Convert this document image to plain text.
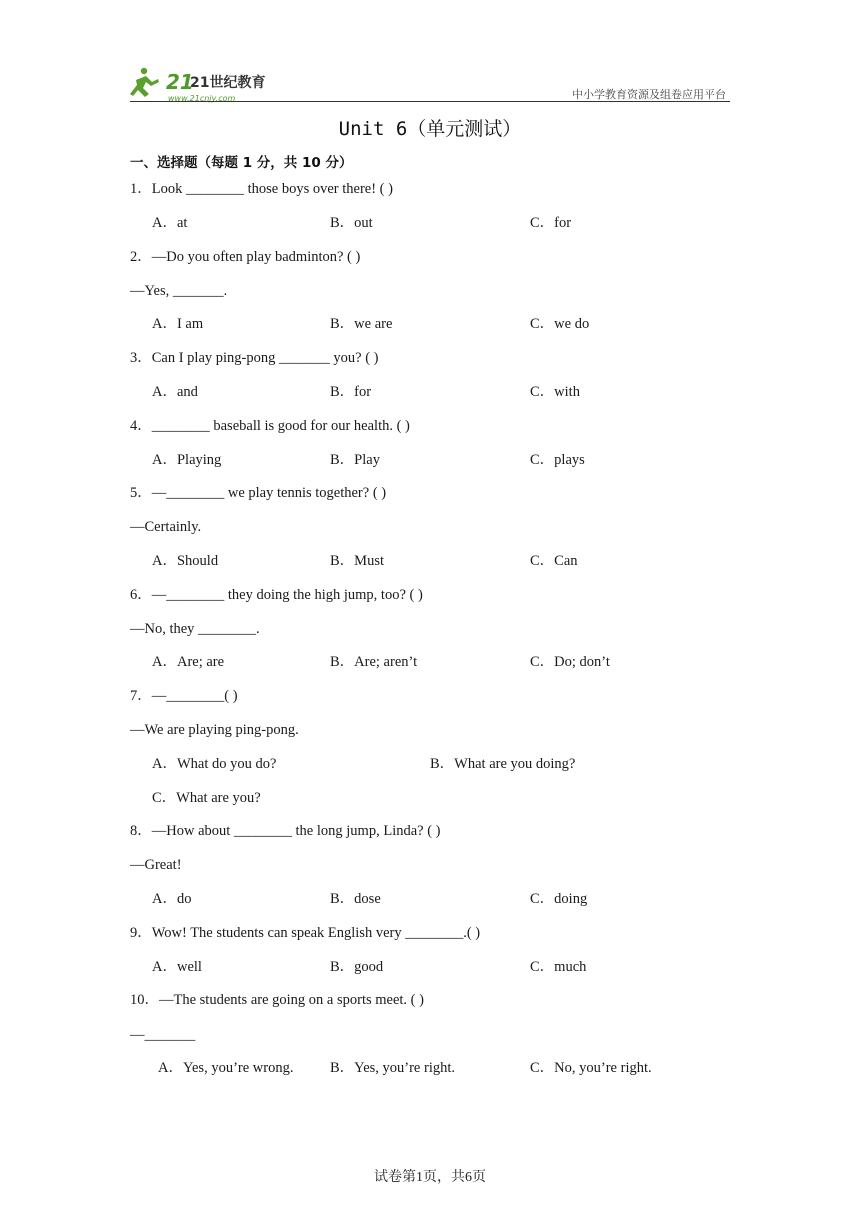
21
21世纪教育
www.21cnjy.com	中小学教育资源及组卷应用平台
Unit 6（单元测试）
一、选择题（每题 1 分，共 10 分）
1．Look ________ those boys over there! ( )
A．at	B．out	C．for
2．—Do you often play badminton? ( )
—Yes, _______.
A．I am	B．we are	C．we do
3．Can I play ping-pong _______ you? ( )
A．and	B．for	C．with
4．________ baseball is good for our health. ( )
A．Playing	B．Play	C．plays
5．—________ we play tennis together? ( )
—Certainly.
A．Should	B．Must	C．Can
6．—________ they doing the high jump, too? ( )
—No, they ________.
A．Are; are	B．Are; aren’t	C．Do; don’t
7．—________( )
—We are playing ping-pong.
A．What do you do?	B．What are you doing?
C．What are you?
8．—How about ________ the long jump, Linda? ( )
—Great!
A．do	B．dose	C．doing
9．Wow! The students can speak English very ________.( )
A．well	B．good	C．much
10．—The students are going on a sports meet. ( )
—_______
A．Yes, you’re wrong.	B．Yes, you’re right.	C．No, you’re right.
试卷第1页，共6页
